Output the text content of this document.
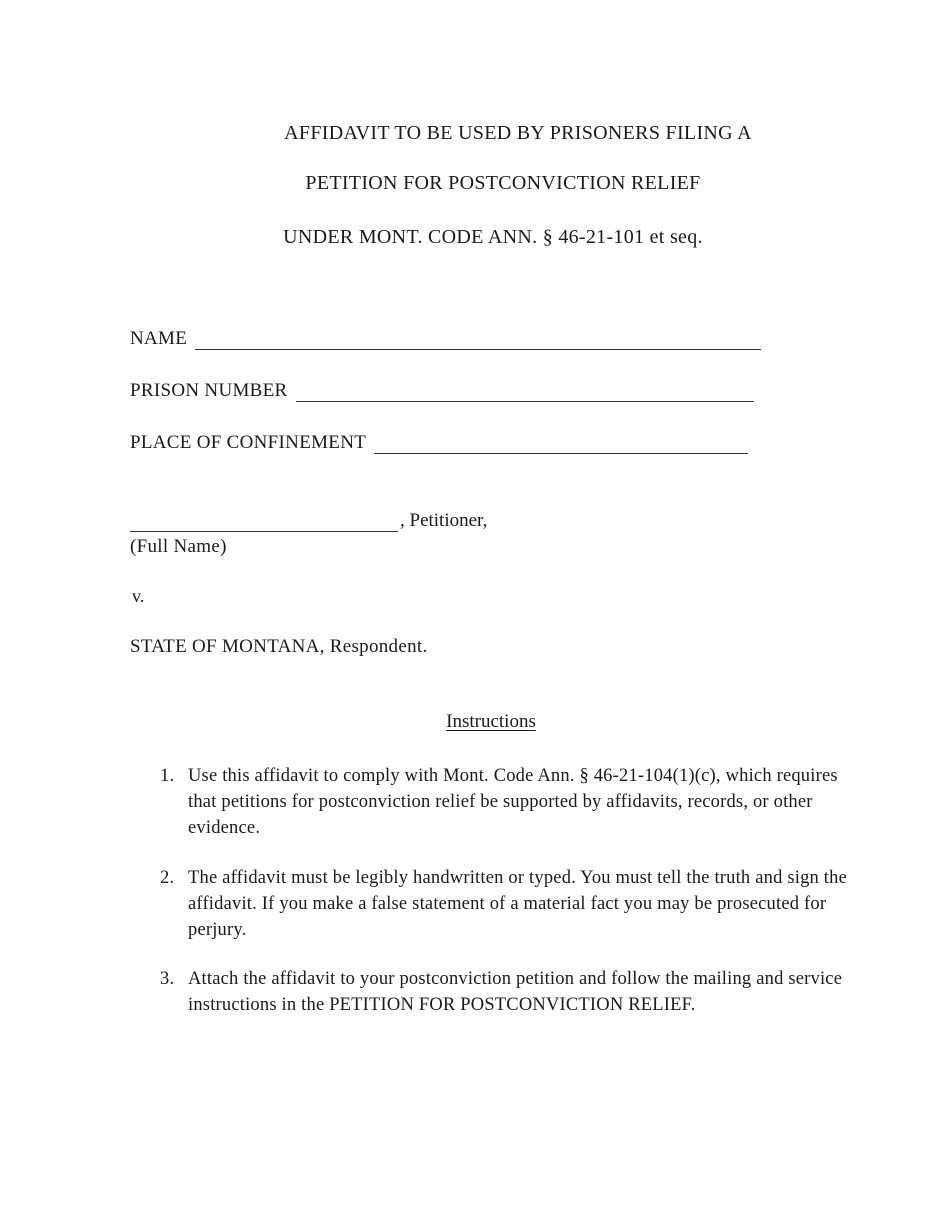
AFFIDAVIT TO BE USED BY PRISONERS FILING A
PETITION FOR POSTCONVICTION RELIEF
UNDER MONT. CODE ANN. § 46-21-101 et seq.
NAME
PRISON NUMBER
PLACE OF CONFINEMENT
, Petitioner,
(Full Name)
v.
STATE OF MONTANA, Respondent.
Instructions
1. Use this affidavit to comply with Mont. Code Ann. § 46-21-104(1)(c), which requires that petitions for postconviction relief be supported by affidavits, records, or other evidence.
2. The affidavit must be legibly handwritten or typed. You must tell the truth and sign the affidavit. If you make a false statement of a material fact you may be prosecuted for perjury.
3. Attach the affidavit to your postconviction petition and follow the mailing and service instructions in the PETITION FOR POSTCONVICTION RELIEF.
